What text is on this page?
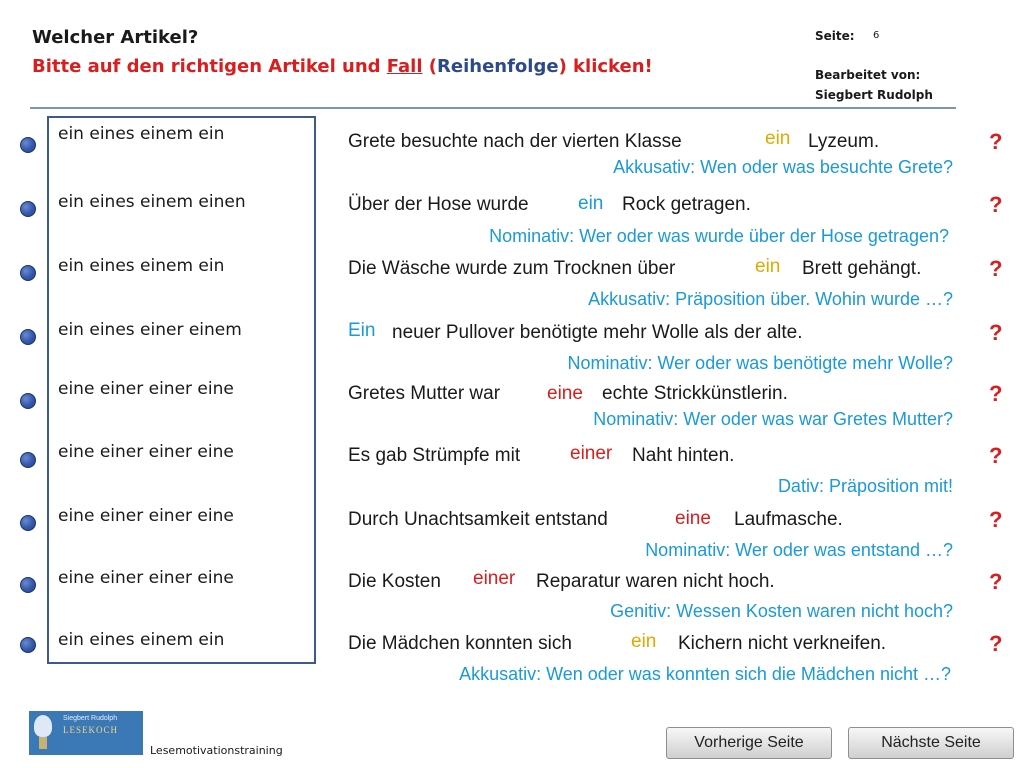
Welcher Artikel?
Bitte auf den richtigen Artikel und Fall (Reihenfolge) klicken!
Seite: 6
Bearbeitet von:
Siegbert Rudolph
ein eines einem ein
ein eines einem einen
ein eines einem ein
ein eines einer einem
eine einer einer eine
eine einer einer eine
eine einer einer eine
eine einer einer eine
ein eines einem ein
Grete besuchte nach der vierten Klasse	ein Lyzeum.
Akkusativ: Wen oder was besuchte Grete?
?
Über der Hose wurde	ein Rock getragen.
Nominativ: Wer oder was wurde über der Hose getragen?
?
Die Wäsche wurde zum Trocknen über	ein Brett gehängt.
Akkusativ: Präposition über. Wohin wurde …?
?
Ein neuer Pullover benötigte mehr Wolle als der alte.
Nominativ: Wer oder was benötigte mehr Wolle?
?
Gretes Mutter war eine echte Strickkünstlerin.
Nominativ: Wer oder was war Gretes Mutter?
?
Es gab Strümpfe mit	einer Naht hinten.
Dativ: Präposition mit!
?
Durch Unachtsamkeit entstand	eine Laufmasche.
Nominativ: Wer oder was entstand …?
?
Die Kosten einer Reparatur waren nicht hoch.
Genitiv: Wessen Kosten waren nicht hoch?
?
Die Mädchen konnten sich	ein Kichern nicht verkneifen.
Akkusativ: Wen oder was konnten sich die Mädchen nicht …?
?
Siegbert Rudolph
LESEKOCH
Lesemotivationstraining	Vorherige Seite	Nächste Seite
